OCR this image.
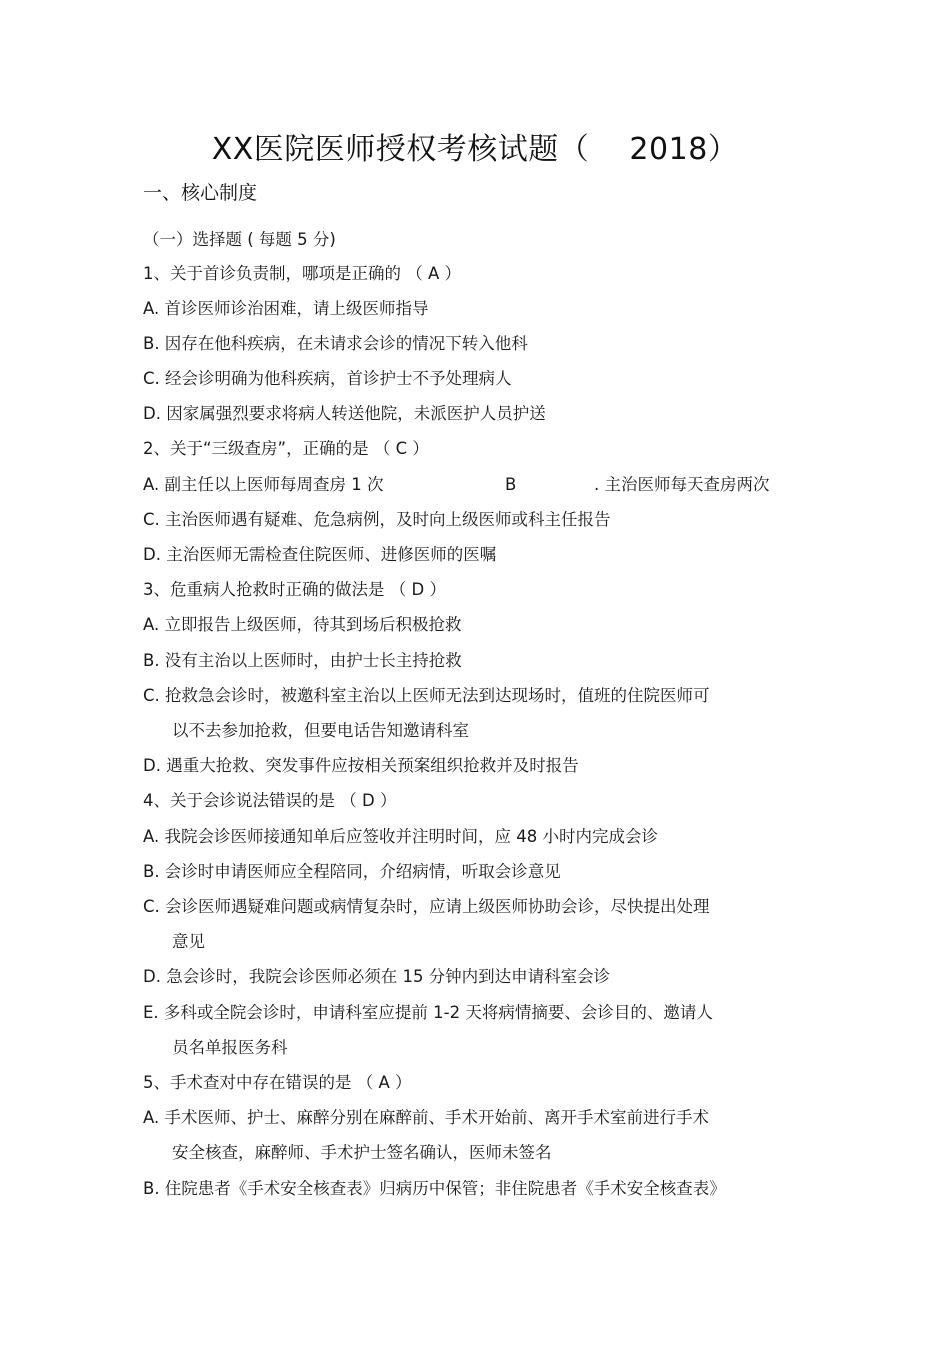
XX医院医师授权考核试题（    2018）
一、核心制度
（一）选择题 ( 每题 5 分)
1、关于首诊负责制，哪项是正确的 （ A ）
A. 首诊医师诊治困难，请上级医师指导
B. 因存在他科疾病，在未请求会诊的情况下转入他科
C. 经会诊明确为他科疾病，首诊护士不予处理病人
D. 因家属强烈要求将病人转送他院，未派医护人员护送
2、关于“三级查房”，正确的是 （ C ）
A. 副主任以上医师每周查房 1 次	B	. 主治医师每天查房两次
C. 主治医师遇有疑难、危急病例，及时向上级医师或科主任报告
D. 主治医师无需检查住院医师、进修医师的医嘱
3、危重病人抢救时正确的做法是 （ D ）
A. 立即报告上级医师，待其到场后积极抢救
B. 没有主治以上医师时，由护士长主持抢救
C. 抢救急会诊时，被邀科室主治以上医师无法到达现场时，值班的住院医师可
以不去参加抢救，但要电话告知邀请科室
D. 遇重大抢救、突发事件应按相关预案组织抢救并及时报告
4、关于会诊说法错误的是 （ D ）
A. 我院会诊医师接通知单后应签收并注明时间，应 48 小时内完成会诊
B. 会诊时申请医师应全程陪同，介绍病情，听取会诊意见
C. 会诊医师遇疑难问题或病情复杂时，应请上级医师协助会诊，尽快提出处理
意见
D. 急会诊时，我院会诊医师必须在 15 分钟内到达申请科室会诊
E. 多科或全院会诊时，申请科室应提前 1-2 天将病情摘要、会诊目的、邀请人
员名单报医务科
5、手术查对中存在错误的是 （ A ）
A. 手术医师、护士、麻醉分别在麻醉前、手术开始前、离开手术室前进行手术
安全核查，麻醉师、手术护士签名确认，医师未签名
B. 住院患者《手术安全核查表》归病历中保管；非住院患者《手术安全核查表》
